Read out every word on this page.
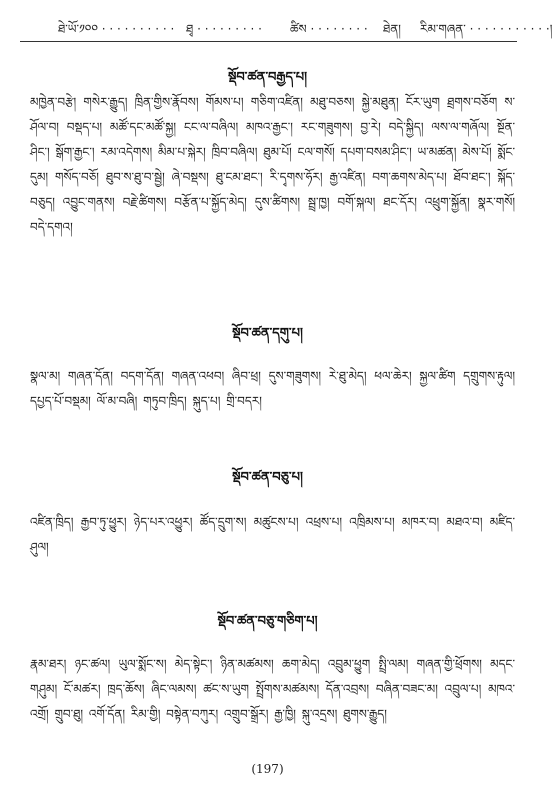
ཐེ་ཡོ་༡༠༠ · · · · · · · · · · ཐྭ · · · · · · · · · ཚིས · · · · · · · · ཐེན། རིམ་གཞན་ · · · · · · · · · · ·།
སྡོབ་ཚན་བརྒྱད་པ།
མཁྱེན་བརྩེ། གསེར་རྒྱུད། ཁྲིན་གྱིས་རྣོབས། གོམས་པ། གཅིག་འཛིན། མཐུ་བཅས། སྐྱེ་མཐུན། ངོར་ཡུག ཐྲགས་བཅོག ས་ཤོལ་བ། བསྡད་པ། མཚོ་དང་མཚོ་སྐྱ། ངང་ལ་བཞིལ། མཁའ་རྒྱང་། རང་གཟུགས། བྱ་རེ། བདེ་སྐྱིད། ལས་ལ་གཞོལ། སྔོན་ཤིང་། སྒོག་རྒྱང་། རམ་འདེགས། མིམ་པ་སྐེར། ཁྲིབ་བཞིལ། ཐུམ་པོ། ངལ་གསོ། དཔག་བསམ་ཤིང་། ཡ་མཚན། མེས་པོ། སྨོང་དུམ། གསོད་བཅོ། ཐུབ་ས་ཐུ་བ་སྦྱེ། ཞེ་བསྡས། ཐུ་ངམ་ཐང་། རི་དྭགས་ཧོར། རྒྱ་འཛིན། བག་ཆགས་མེད་པ། ཐོབ་ཐང་། སྐོད་བཅུད། འབྱུང་གནས། བརྗེ་ཚིགས། བརྩོན་པ་སྐྱོད་མེད། དུས་ཚིགས། སྦྲ་ཁྱ། བགོ་སྐལ། ཐང་དོར། འཕྲུག་སྐྱོན། སྣར་གསོ། བདེ་དགའ།
སྡོབ་ཚན་དགུ་པ།
སྣལ་མ། གཞན་དོན། བདག་དོན། གཞན་འཕབ། ཞིབ་ཕྲ། དུས་གཟུགས། རེ་ཐུ་མེད། ཕལ་ཆེར། སྐྱལ་ཚིག དགྲུགས་རྟུལ། དཔྱད་པོ་བསྡམ། ལོ་མ་བཞི། གཏུབ་ཁྲིད། སྐུད་པ། གྲི་བདར།
སྡོབ་ཚན་བཅུ་པ།
འཛིན་ཁྲིད། རྒྱབ་ཏུ་ཕྱུར། ཉེད་པར་འཕྱུར། ཚོད་དྲུག་ས། མཚུངས་པ། འཕྲས་པ། འཁྲིམས་པ། མཁར་བ། མཐའ་བ། མཛིད་ཤུལ།
སྡོབ་ཚན་བཅུ་གཅིག་པ།
རྣམ་ཐར། ཉང་ཚལ། ཡུལ་སྨོང་ས། མེད་སྟེང་། ཉིན་མཚམས། ཆག་མེད། འབྲུམ་ཕྱུག སྤྲི་ལམ། གཞན་གྱི་ཕྲོགས། མདང་གཤུམ། ངོ་མཚར། ཁྲད་ཆོས། ཞིང་ལམས། ཚང་ས་ཡུག སྤྲོགས་མཚམས། དོན་འབྲས། བཞིན་བཟང་མ། འབྲུལ་པ། མཁའ་འགྲོ། གྲུབ་ཐུ། འགོ་དོན། རིམ་གྱི། བསྟེན་བཀུར། འགྲུབ་སྒྲོར། རྒྱ་ཁྱི། སྐུ་འདྲས། ཐུགས་རྒྱུད།
(197)
